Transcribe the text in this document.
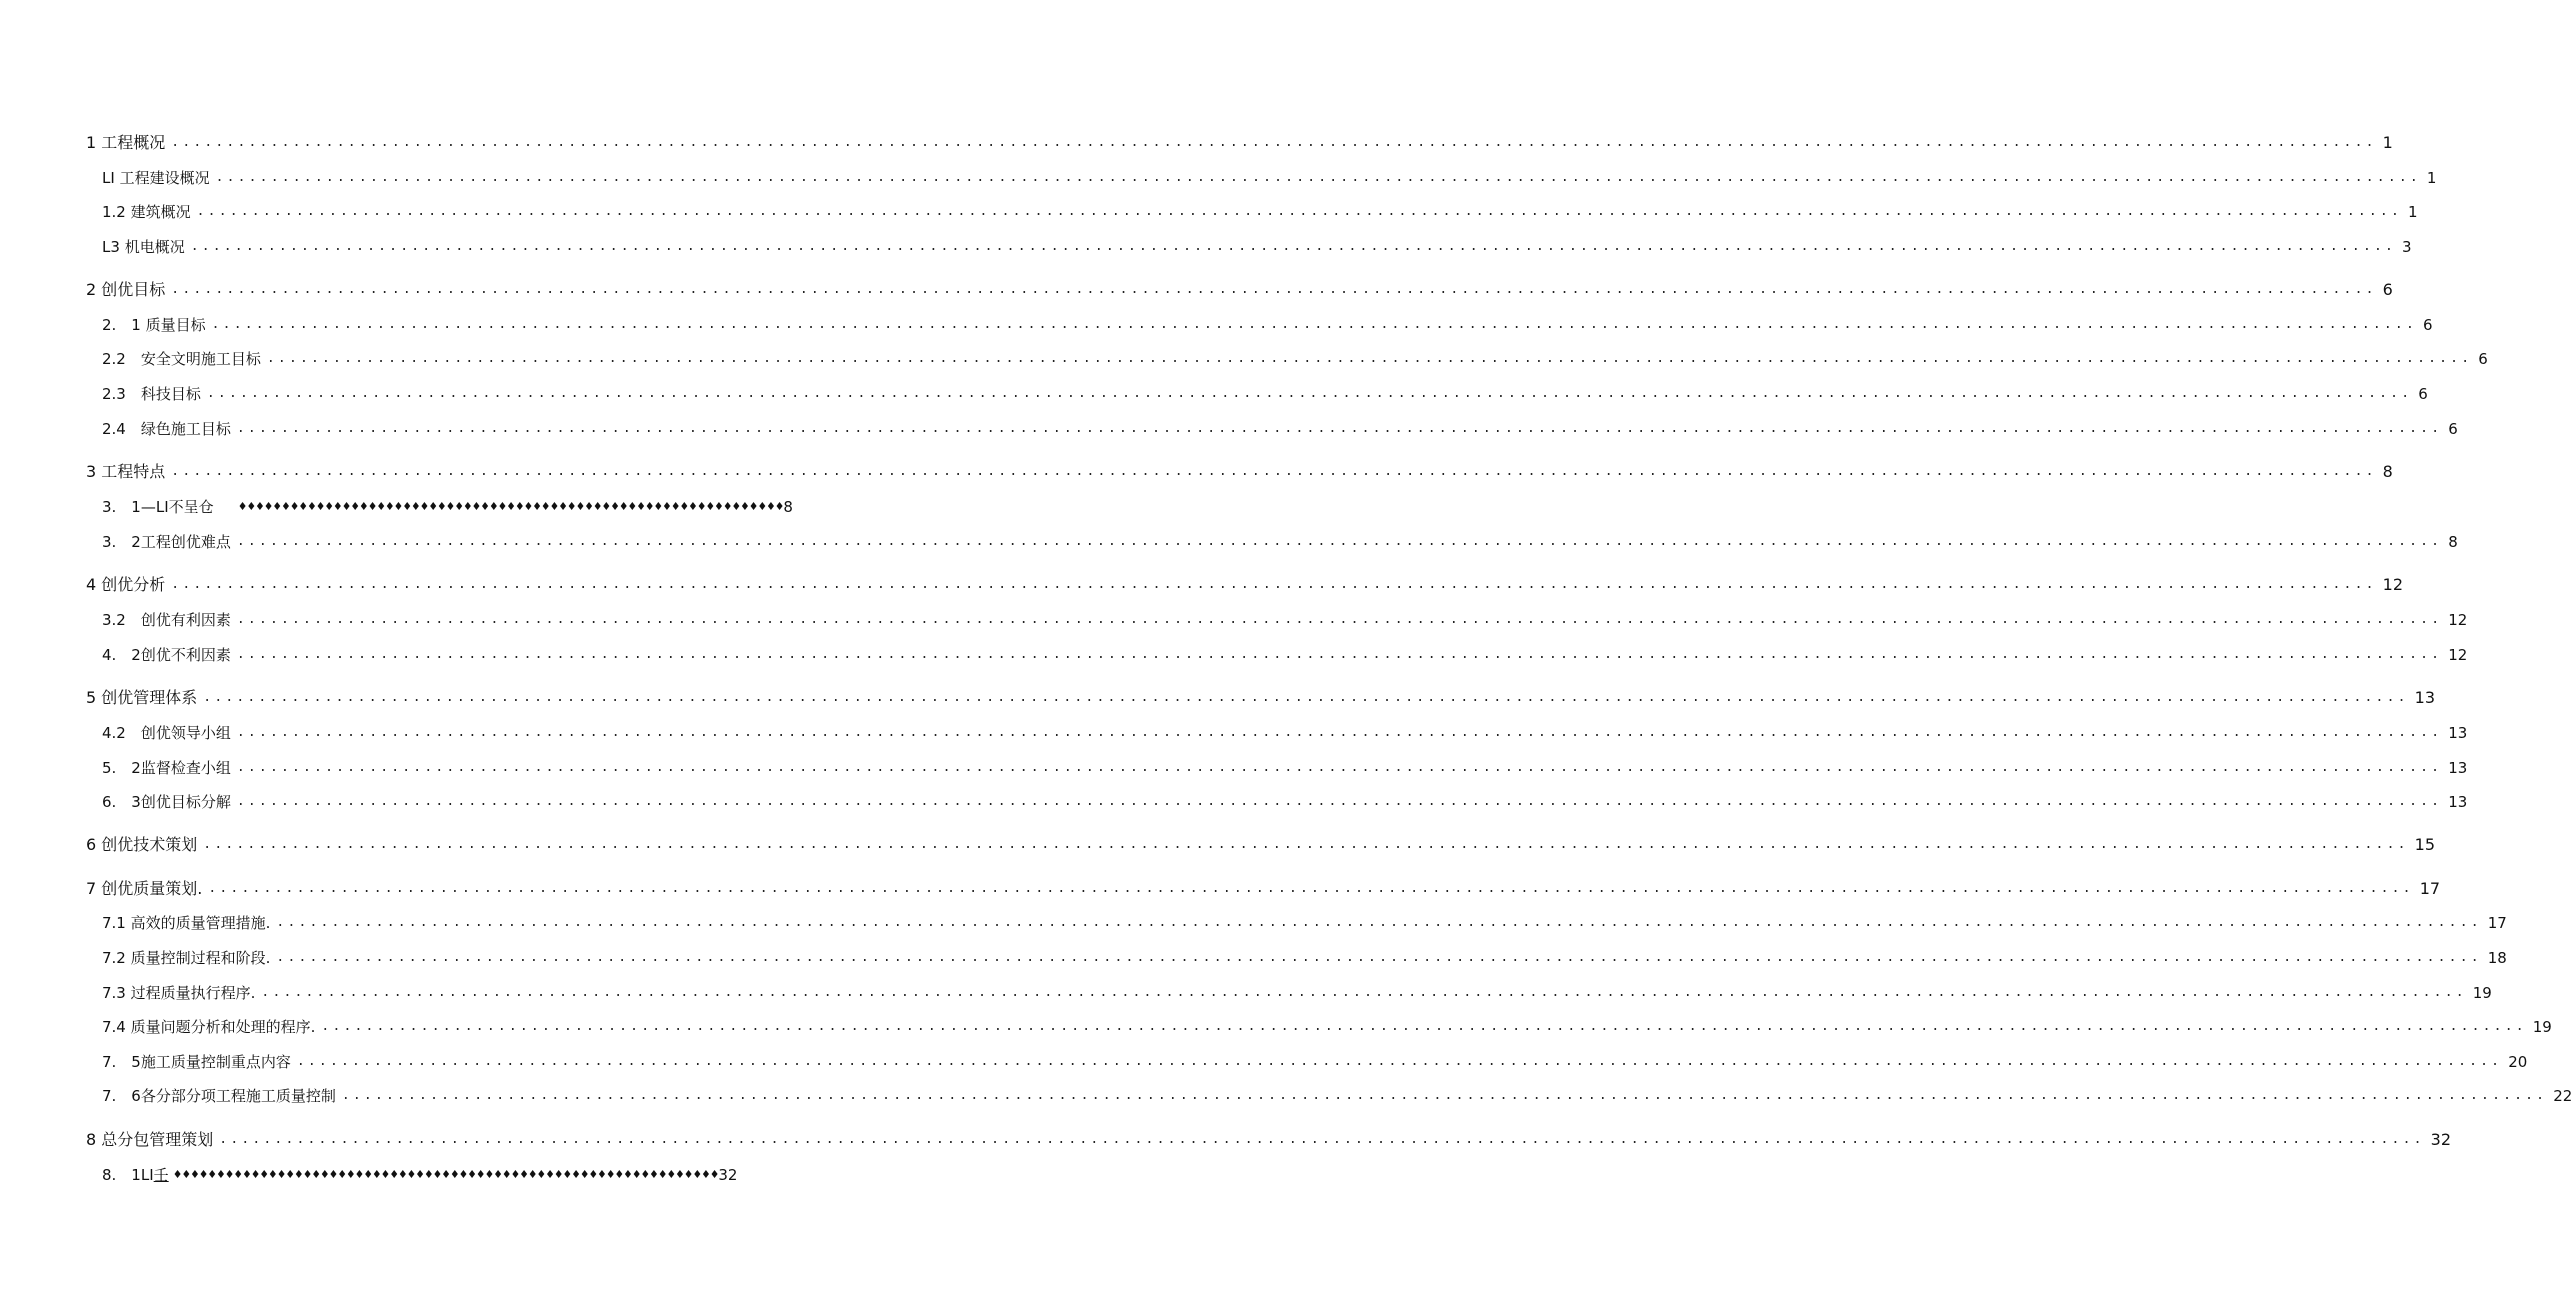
1 工程概况 ........................................................................................................................................................................................................ 1
LI 工程建设概况 ........................................................................................................................................................................................................ 1
1.2 建筑概况 ........................................................................................................................................................................................................ 1
L3 机电概况 ........................................................................................................................................................................................................ 3
2 创优目标 ........................................................................................................................................................................................................ 6
2.　1 质量目标 ........................................................................................................................................................................................................ 6
2.2　 安全文明施工目标 ........................................................................................................................................................................................................ 6
2.3　 科技目标 ........................................................................................................................................................................................................ 6
2.4　 绿色施工目标 ........................................................................................................................................................................................................ 6
3 工程特点 ........................................................................................................................................................................................................ 8
3.　1—LI不呈仓	♦♦♦♦♦♦♦♦♦♦♦♦♦♦♦♦♦♦♦♦♦♦♦♦♦♦♦♦♦♦♦♦♦♦♦♦♦♦♦♦♦♦♦♦♦♦♦♦♦♦♦♦♦♦♦♦♦♦♦♦♦♦♦ 8
3.　2工程创优难点 ........................................................................................................................................................................................................ 8
4 创优分析 ........................................................................................................................................................................................................ 12
3.2　 创优有利因素 ........................................................................................................................................................................................................ 12
4.　2创优不利因素 ........................................................................................................................................................................................................ 12
5 创优管理体系 ........................................................................................................................................................................................................ 13
4.2　 创优领导小组 ........................................................................................................................................................................................................ 13
5.　2监督检查小组 ........................................................................................................................................................................................................ 13
6.　3创优目标分解 ........................................................................................................................................................................................................ 13
6 创优技术策划 ........................................................................................................................................................................................................ 15
7 创优质量策划. ........................................................................................................................................................................................................ 17
7.1 高效的质量管理措施. ........................................................................................................................................................................................................ 17
7.2 质量控制过程和阶段. ........................................................................................................................................................................................................ 18
7.3 过程质量执行程序. ........................................................................................................................................................................................................ 19
7.4 质量问题分析和处理的程序. ........................................................................................................................................................................................................ 19
7.　5施工质量控制重点内容 ........................................................................................................................................................................................................ 20
7.　6各分部分项工程施工质量控制 ........................................................................................................................................................................................................ 22
8 总分包管理策划 ........................................................................................................................................................................................................ 32
8.　1LI壬 ♦♦♦♦♦♦♦♦♦♦♦♦♦♦♦♦♦♦♦♦♦♦♦♦♦♦♦♦♦♦♦♦♦♦♦♦♦♦♦♦♦♦♦♦♦♦♦♦♦♦♦♦♦♦♦♦♦♦♦♦♦♦♦ 32
